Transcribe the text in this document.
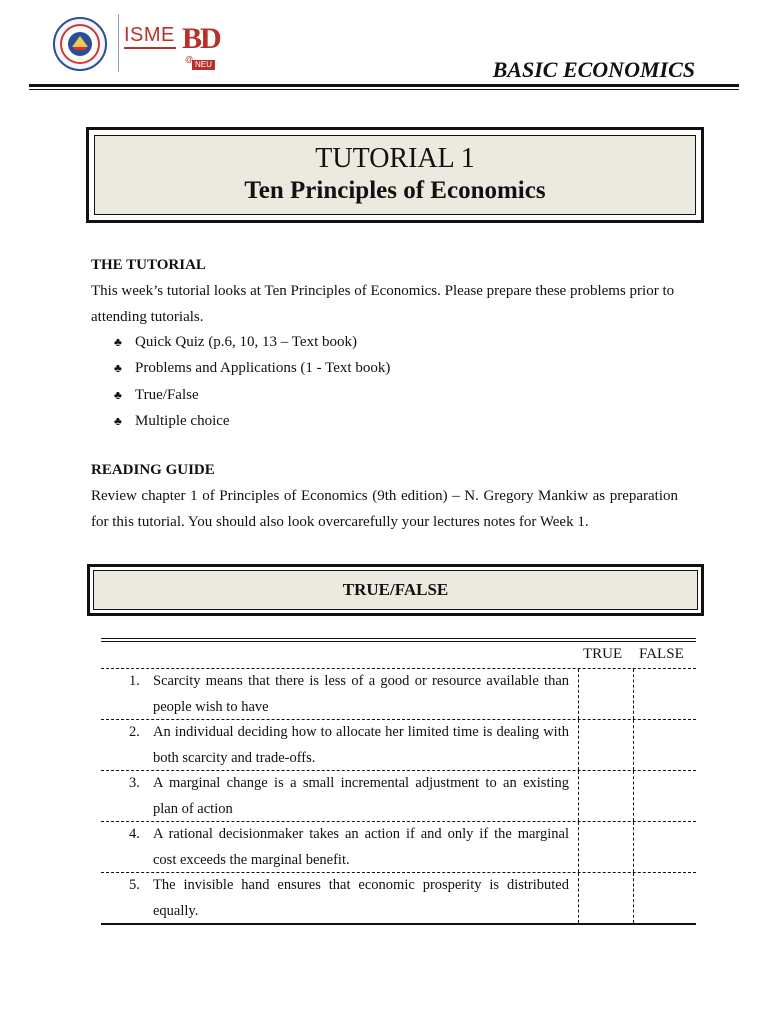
ISME BD
@
NEU	BASIC ECONOMICS
TUTORIAL 1
Ten Principles of Economics
THE TUTORIAL
This week’s tutorial looks at Ten Principles of Economics. Please prepare these problems prior to attending tutorials.
♣ Quick Quiz (p.6, 10, 13 – Text book)
♣ Problems and Applications (1 - Text book)
♣ True/False
♣ Multiple choice
READING GUIDE
Review chapter 1 of Principles of Economics (9th edition) – N. Gregory Mankiw as preparation for this tutorial. You should also look overcarefully your lectures notes for Week 1.
TRUE/FALSE
TRUE FALSE
1. Scarcity means that there is less of a good or resource available than people wish to have
2. An individual deciding how to allocate her limited time is dealing with both scarcity and trade-offs.
3. A marginal change is a small incremental adjustment to an existing plan of action
4. A rational decisionmaker takes an action if and only if the marginal cost exceeds the marginal benefit.
5. The invisible hand ensures that economic prosperity is distributed equally.
